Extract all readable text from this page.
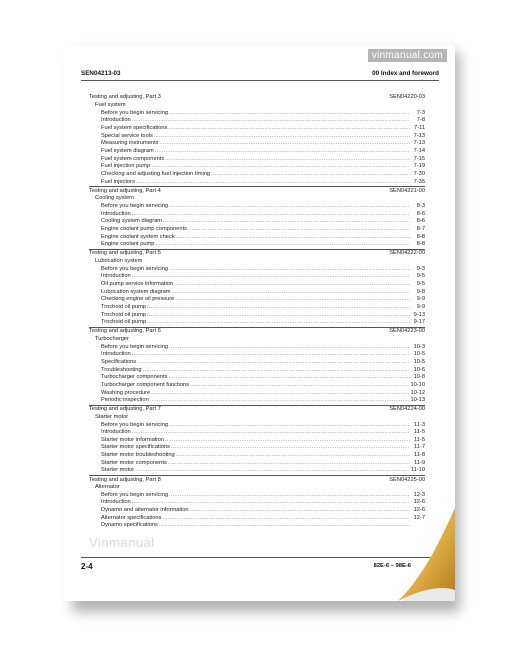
vinmanual.com
SEN04213-03	00 Index and foreword
Testing and adjusting, Part 3	SEN04220-03
Fuel system
Before you begin servicing .....	7-3
Introduction .....	7-8
Fuel system specifications .....	7-11
Special service tools .....	7-13
Measuring instruments .....	7-13
Fuel system diagram .....	7-14
Fuel system components .....	7-15
Fuel injection pump .....	7-19
Checking and adjusting fuel injection timing .....	7-30
Fuel injectors .....	7-35
Testing and adjusting, Part 4	SEN04221-00
Cooling system
Before you begin servicing .....	8-3
Introduction .....	8-6
Cooling system diagram .....	8-6
Engine coolant pump components .....	8-7
Engine coolant system check .....	8-8
Engine coolant pump .....	8-8
Testing and adjusting, Part 5	SEN04222-00
Lubrication system
Before you begin servicing .....	9-3
Introduction .....	9-5
Oil pump service information .....	9-5
Lubrication system diagram .....	9-8
Checking engine oil pressure .....	9-9
Trochoid oil pump .....	9-9
Trochoid oil pump .....	9-13
Trochoid oil pump .....	9-17
Testing and adjusting, Part 6	SEN04223-00
Turbocharger
Before you begin servicing .....	10-3
Introduction .....	10-5
Specifications .....	10-5
Troubleshooting .....	10-6
Turbocharger components .....	10-8
Turbocharger component functions .....	10-10
Washing procedure .....	10-12
Periodic inspection .....	10-13
Testing and adjusting, Part 7	SEN04224-00
Starter motor
Before you begin servicing .....	11-3
Introduction .....	11-5
Starter motor information .....	11-5
Starter motor specifications .....	11-7
Starter motor troubleshooting .....	11-8
Starter motor components .....	11-9
Starter motor .....	11-10
Testing and adjusting, Part 8	SEN04225-00
Alternator
Before you begin servicing .....	12-3
Introduction .....	12-6
Dynamo and alternator information .....	12-6
Alternator specifications .....	12-7
Dynamo specifications
.....
Vinmanual
2-4	82E-6 – 98E-6
